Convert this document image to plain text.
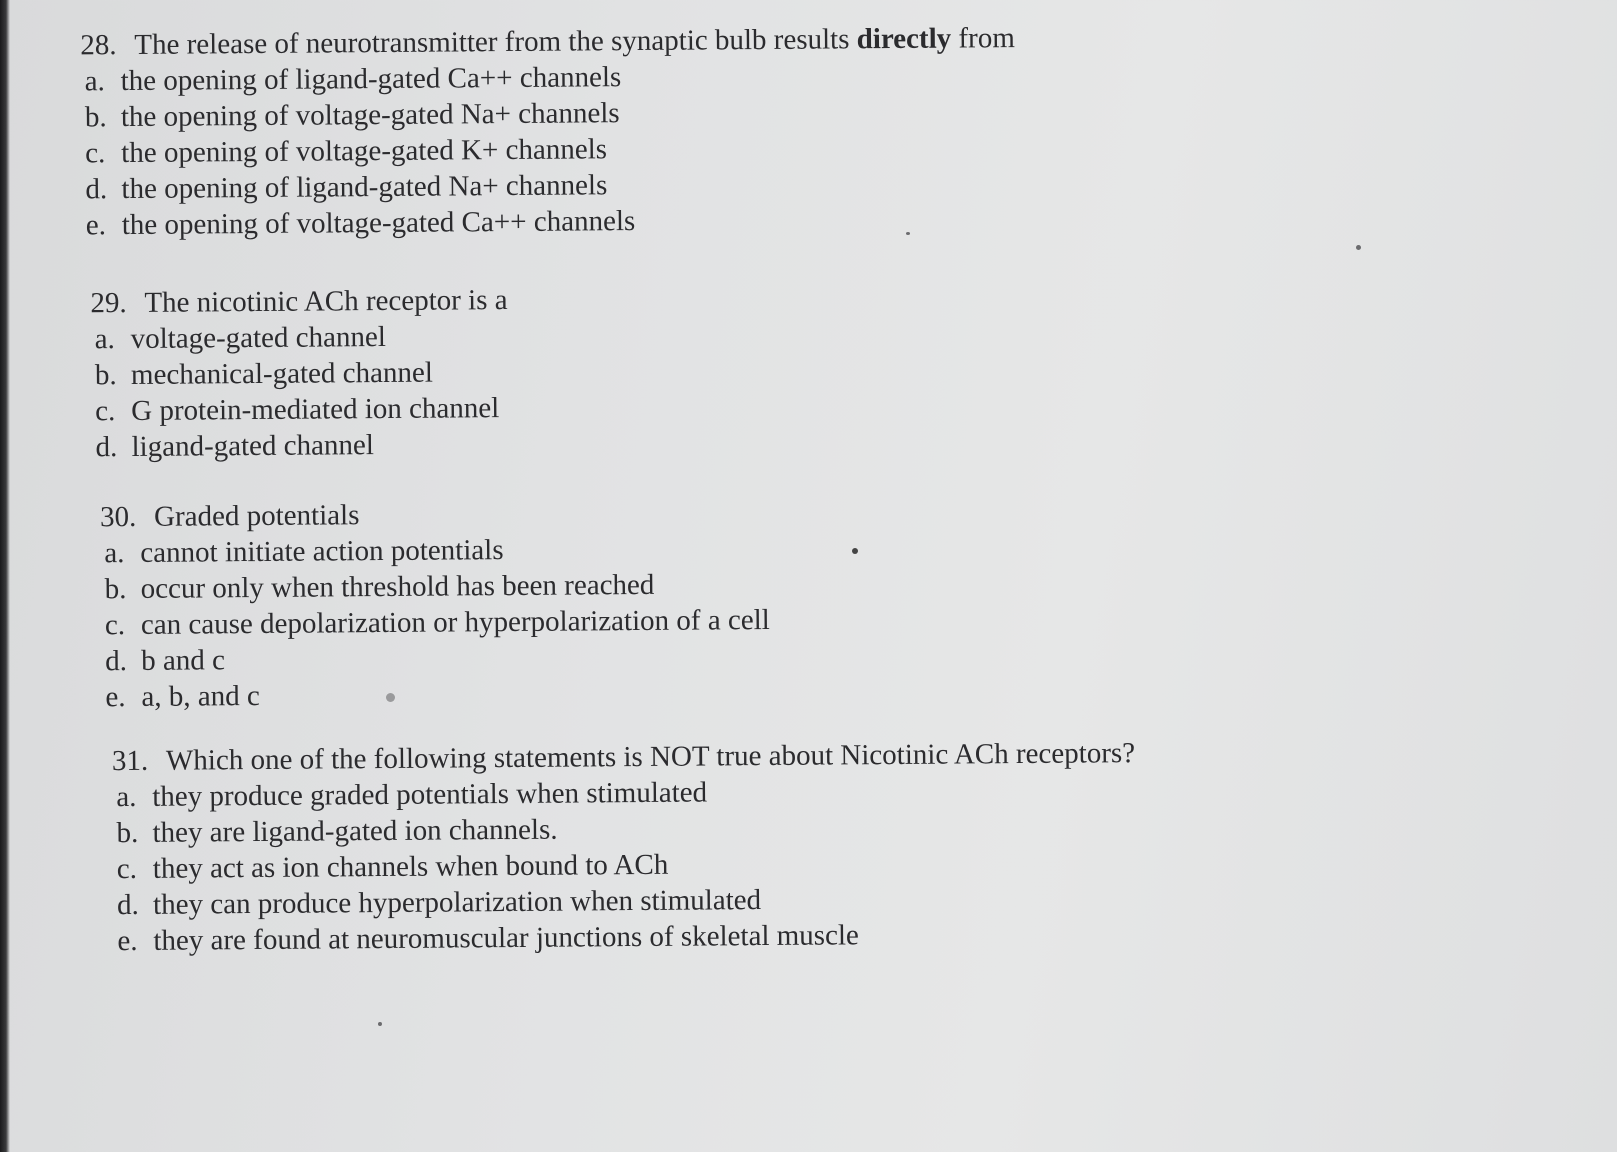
28. The release of neurotransmitter from the synaptic bulb results directly from
a. the opening of ligand-gated Ca++ channels
b. the opening of voltage-gated Na+ channels
c. the opening of voltage-gated K+ channels
d. the opening of ligand-gated Na+ channels
e. the opening of voltage-gated Ca++ channels
29. The nicotinic ACh receptor is a
a. voltage-gated channel
b. mechanical-gated channel
c. G protein-mediated ion channel
d. ligand-gated channel
30. Graded potentials
a. cannot initiate action potentials
b. occur only when threshold has been reached
c. can cause depolarization or hyperpolarization of a cell
d. b and c
e. a, b, and c
31. Which one of the following statements is NOT true about Nicotinic ACh receptors?
a. they produce graded potentials when stimulated
b. they are ligand-gated ion channels.
c. they act as ion channels when bound to ACh
d. they can produce hyperpolarization when stimulated
e. they are found at neuromuscular junctions of skeletal muscle
